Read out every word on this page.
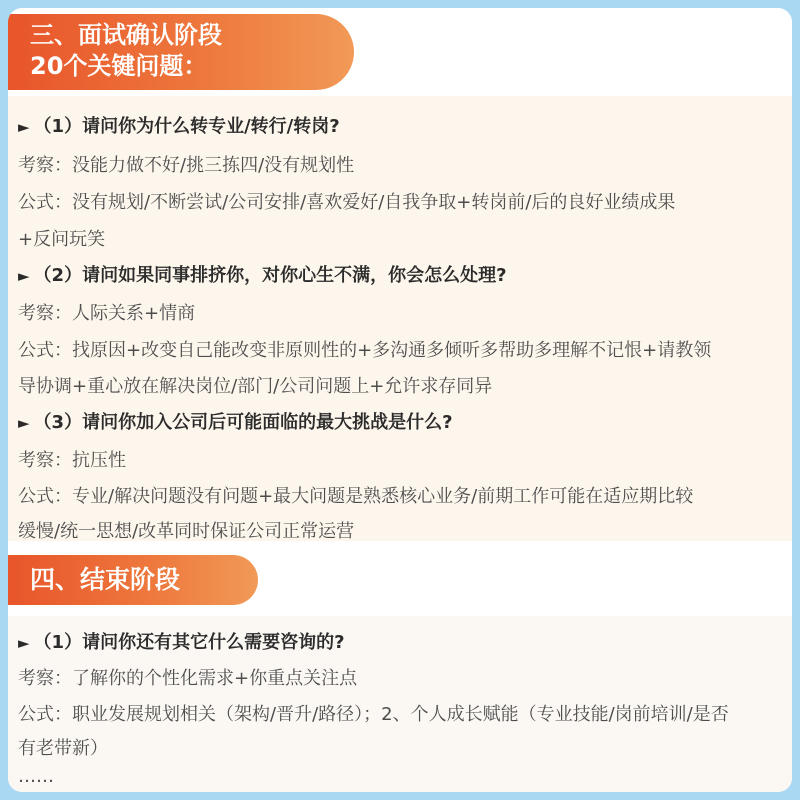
三、面试确认阶段
20个关键问题：
► （1）请问你为什么转专业/转行/转岗?
考察：没能力做不好/挑三拣四/没有规划性
公式：没有规划/不断尝试/公司安排/喜欢爱好/自我争取+转岗前/后的良好业绩成果
+反问玩笑
► （2）请问如果同事排挤你，对你心生不满，你会怎么处理?
考察：人际关系+情商
公式：找原因+改变自己能改变非原则性的+多沟通多倾听多帮助多理解不记恨+请教领
导协调+重心放在解决岗位/部门/公司问题上+允许求存同异
► （3）请问你加入公司后可能面临的最大挑战是什么?
考察：抗压性
公式：专业/解决问题没有问题+最大问题是熟悉核心业务/前期工作可能在适应期比较
缓慢/统一思想/改革同时保证公司正常运营
四、结束阶段
► （1）请问你还有其它什么需要咨询的?
考察：了解你的个性化需求+你重点关注点
公式：职业发展规划相关（架构/晋升/路径）；2、个人成长赋能（专业技能/岗前培训/是否
有老带新）
……
